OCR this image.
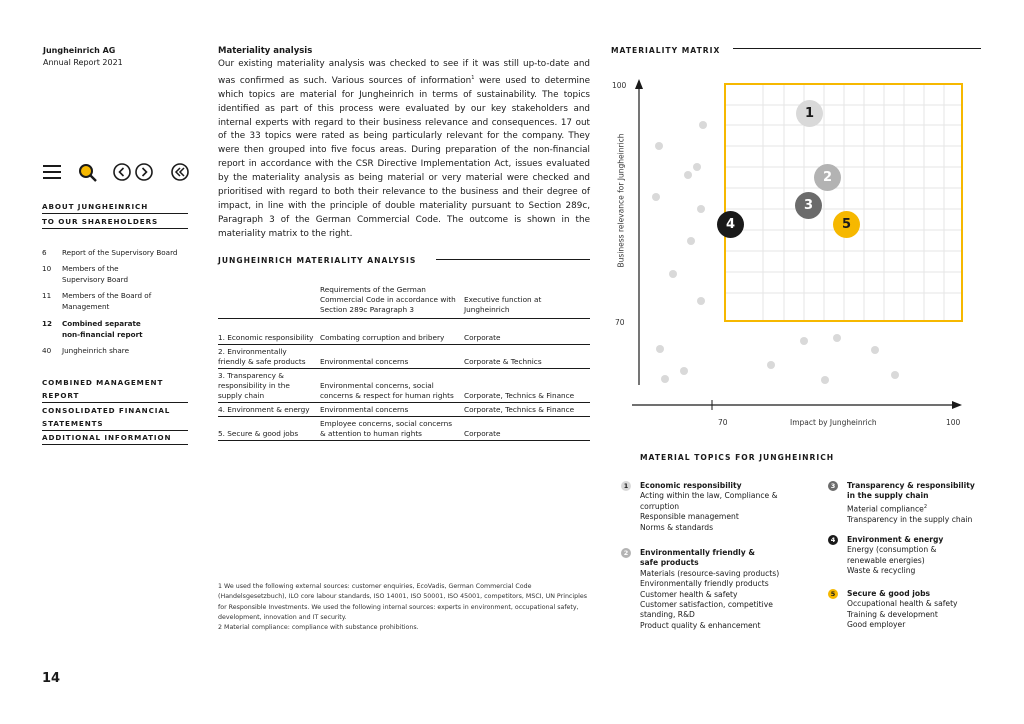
Jungheinrich AG
Annual Report 2021
ABOUT JUNGHEINRICH
TO OUR SHAREHOLDERS
6 Report of the Supervisory Board
10 Members of the Supervisory Board
11 Members of the Board of Management
12 Combined separate non-financial report
40 Jungheinrich share
COMBINED MANAGEMENT REPORT
CONSOLIDATED FINANCIAL STATEMENTS
ADDITIONAL INFORMATION
Materiality analysis
Our existing materiality analysis was checked to see if it was still up-to-date and was confirmed as such. Various sources of information$^1$ were used to determine which topics are material for Jungheinrich in terms of sustainability. The topics identified as part of this process were evaluated by our key stakeholders and internal experts with regard to their business relevance and consequences. 17 out of the 33 topics were rated as being particularly relevant for the company. They were then grouped into five focus areas. During preparation of the non-financial report in accordance with the CSR Directive Implementation Act, issues evaluated by the materiality analysis as being material or very material were checked and prioritised with regard to both their relevance to the business and their degree of impact, in line with the principle of double materiality pursuant to Section 289c, Paragraph 3 of the German Commercial Code. The outcome is shown in the materiality matrix to the right.
JUNGHEINRICH MATERIALITY ANALYSIS
	Requirements of the German Commercial Code in accordance with Section 289c Paragraph 3	Executive function at Jungheinrich
1. Economic responsibility	Combating corruption and bribery	Corporate
2. Environmentally friendly & safe products	Environmental concerns	Corporate & Technics
3. Transparency & responsibility in the supply chain	Environmental concerns, social concerns & respect for human rights	Corporate, Technics & Finance
4. Environment & energy	Environmental concerns	Corporate, Technics & Finance
5. Secure & good jobs	Employee concerns, social concerns & attention to human rights	Corporate
1 We used the following external sources: customer enquiries, EcoVadis, German Commercial Code (Handelsgesetzbuch), ILO core labour standards, ISO 14001, ISO 50001, ISO 45001, competitors, MSCI, UN Principles for Responsible Investments. We used the following internal sources: experts in environment, occupational safety, development, innovation and IT security.
2 Material compliance: compliance with substance prohibitions.
14
MATERIALITY MATRIX
100
70
70	100
Impact by Jungheinrich
Business relevance for Jungheinrich
1
2
3
4	5
MATERIAL TOPICS FOR JUNGHEINRICH
1	Economic responsibility
Acting within the law, Compliance &
corruption
Responsible management
Norms & standards
2	Environmentally friendly &
safe products
Materials (resource-saving products)
Environmentally friendly products
Customer health & safety
Customer satisfaction, competitive
standing, R&D
Product quality & enhancement
3	Transparency & responsibility
in the supply chain
Material compliance$^2$
Transparency in the supply chain
4	Environment & energy
Energy (consumption &
renewable energies)
Waste & recycling
5	Secure & good jobs
Occupational health & safety
Training & development
Good employer
